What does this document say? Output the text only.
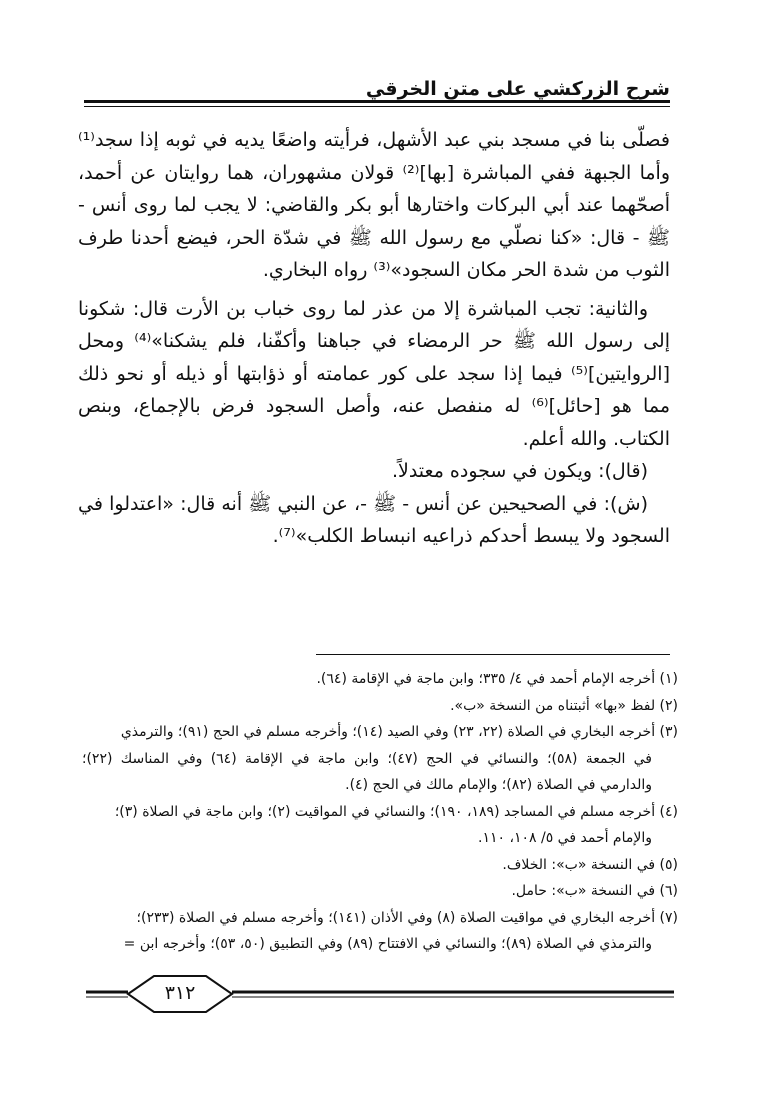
شرح الزركشي على متن الخرقي

فصلّى بنا في مسجد بني عبد الأشهل، فرأيته واضعًا يديه في ثوبه إذا سجد⁽¹⁾ وأما الجبهة ففي المباشرة [بها]⁽²⁾ قولان مشهوران، هما روايتان عن أحمد، أصحّهما عند أبي البركات واختارها أبو بكر والقاضي: لا يجب لما روى أنس - ﷺ - قال: «كنا نصلّي مع رسول الله ﷺ في شدّة الحر، فيضع أحدنا طرف الثوب من شدة الحر مكان السجود»⁽³⁾ رواه البخاري.

والثانية: تجب المباشرة إلا من عذر لما روى خباب بن الأرت قال: شكونا إلى رسول الله ﷺ حر الرمضاء في جباهنا وأكفّنا، فلم يشكنا»⁽⁴⁾ ومحل [الروايتين]⁽⁵⁾ فيما إذا سجد على كور عمامته أو ذؤابتها أو ذيله أو نحو ذلك مما هو [حائل]⁽⁶⁾ له منفصل عنه، وأصل السجود فرض بالإجماع، وبنص الكتاب. والله أعلم.

(قال): ويكون في سجوده معتدلاً.

(ش): في الصحيحين عن أنس - ﷺ -، عن النبي ﷺ أنه قال: «اعتدلوا في السجود ولا يبسط أحدكم ذراعيه انبساط الكلب»⁽⁷⁾.

(١) أخرجه الإمام أحمد في ٤/ ٣٣٥؛ وابن ماجة في الإقامة (٦٤).

(٢) لفظ «بها» أثبتناه من النسخة «ب».

(٣) أخرجه البخاري في الصلاة (٢٢، ٢٣) وفي الصيد (١٤)؛ وأخرجه مسلم في الحج (٩١)؛ والترمذي
في الجمعة (٥٨)؛ والنسائي في الحج (٤٧)؛ وابن ماجة في الإقامة (٦٤) وفي المناسك (٢٢)؛ والدارمي في الصلاة (٨٢)؛ والإمام مالك في الحج (٤).

(٤) أخرجه مسلم في المساجد (١٨٩، ١٩٠)؛ والنسائي في المواقيت (٢)؛ وابن ماجة في الصلاة (٣)؛
والإمام أحمد في ٥/ ١٠٨، ١١٠.

(٥) في النسخة «ب»: الخلاف.

(٦) في النسخة «ب»: حامل.

(٧) أخرجه البخاري في مواقيت الصلاة (٨) وفي الأذان (١٤١)؛ وأخرجه مسلم في الصلاة (٢٣٣)؛
والترمذي في الصلاة (٨٩)؛ والنسائي في الافتتاح (٨٩) وفي التطبيق (٥٠، ٥٣)؛ وأخرجه ابن =

٣١٢
